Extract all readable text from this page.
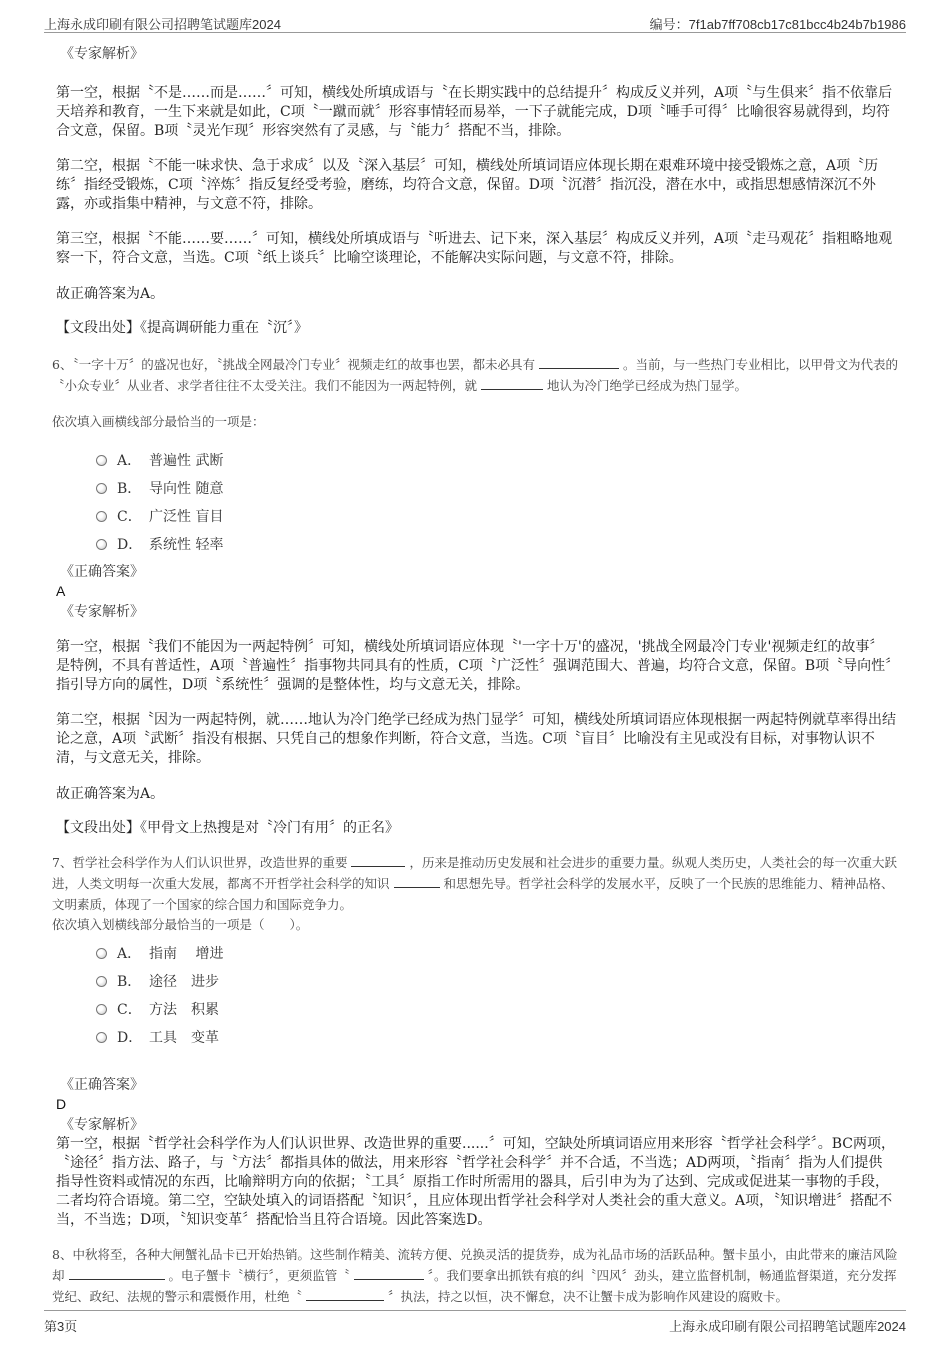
上海永成印刷有限公司招聘笔试题库2024	编号：7f1ab7ff708cb17c81bcc4b24b7b1986
《专家解析》

第一空，根据〝不是……而是……〞可知，横线处所填成语与〝在长期实践中的总结提升〞构成反义并列，A项〝与生俱来〞指不依靠后天培养和教育，一生下来就是如此，C项〝一蹴而就〞形容事情轻而易举，一下子就能完成，D项〝唾手可得〞比喻很容易就得到，均符合文意，保留。B项〝灵光乍现〞形容突然有了灵感，与〝能力〞搭配不当，排除。

第二空，根据〝不能一味求快、急于求成〞以及〝深入基层〞可知，横线处所填词语应体现长期在艰难环境中接受锻炼之意，A项〝历练〞指经受锻炼，C项〝淬炼〞指反复经受考验，磨练，均符合文意，保留。D项〝沉潜〞指沉没，潜在水中，或指思想感情深沉不外露，亦或指集中精神，与文意不符，排除。

第三空，根据〝不能……要……〞可知，横线处所填成语与〝听进去、记下来，深入基层〞构成反义并列，A项〝走马观花〞指粗略地观察一下，符合文意，当选。C项〝纸上谈兵〞比喻空谈理论，不能解决实际问题，与文意不符，排除。

故正确答案为A。

【文段出处】《提高调研能力重在〝沉〞》

6、〝一字十万〞的盛况也好，〝挑战全网最冷门专业〞视频走红的故事也罢，都未必具有	。当前，与一些热门专业相比，以甲骨文为代表的〝小众专业〞从业者、求学者往往不太受关注。我们不能因为一两起特例，就	地认为冷门绝学已经成为热门显学。

依次填入画横线部分最恰当的一项是：

A． 普遍性 武断
B． 导向性 随意
C． 广泛性 盲目
D． 系统性 轻率
《正确答案》
A
《专家解析》

第一空，根据〝我们不能因为一两起特例〞可知，横线处所填词语应体现〝'一字十万'的盛况，'挑战全网最冷门专业'视频走红的故事〞是特例，不具有普适性，A项〝普遍性〞指事物共同具有的性质，C项〝广泛性〞强调范围大、普遍，均符合文意，保留。B项〝导向性〞指引导方向的属性，D项〝系统性〞强调的是整体性，均与文意无关，排除。

第二空，根据〝因为一两起特例，就……地认为冷门绝学已经成为热门显学〞可知，横线处所填词语应体现根据一两起特例就草率得出结论之意，A项〝武断〞指没有根据、只凭自己的想象作判断，符合文意，当选。C项〝盲目〞比喻没有主见或没有目标，对事物认识不清，与文意无关，排除。

故正确答案为A。

【文段出处】《甲骨文上热搜是对〝冷门有用〞的正名》

7、哲学社会科学作为人们认识世界，改造世界的重要	，历来是推动历史发展和社会进步的重要力量。纵观人类历史，人类社会的每一次重大跃进，人类文明每一次重大发展，都离不开哲学社会科学的知识	和思想先导。哲学社会科学的发展水平，反映了一个民族的思维能力、精神品格、文明素质，体现了一个国家的综合国力和国际竞争力。

依次填入划横线部分最恰当的一项是（　　）。

A． 指南　 增进
B． 途径　进步
C． 方法　积累
D． 工具　变革
《正确答案》
D
《专家解析》

第一空，根据〝哲学社会科学作为人们认识世界、改造世界的重要......〞可知，空缺处所填词语应用来形容〝哲学社会科学〞。BC两项，〝途径〞指方法、路子，与〝方法〞都指具体的做法，用来形容〝哲学社会科学〞并不合适，不当选；AD两项，〝指南〞指为人们提供指导性资料或情况的东西，比喻辩明方向的依据；〝工具〞原指工作时所需用的器具，后引申为为了达到、完成或促进某一事物的手段，二者均符合语境。第二空，空缺处填入的词语搭配〝知识〞，且应体现出哲学社会科学对人类社会的重大意义。A项，〝知识增进〞搭配不当，不当选；D项，〝知识变革〞搭配恰当且符合语境。因此答案选D。

8、中秋将至，各种大闸蟹礼品卡已开始热销。这些制作精美、流转方便、兑换灵活的提货券，成为礼品市场的活跃品种。蟹卡虽小，由此带来的廉洁风险却	。电子蟹卡〝横行〞，更须监管〝	〞。我们要拿出抓铁有痕的纠〝四风〞劲头，建立监督机制，畅通监督渠道，充分发挥党纪、政纪、法规的警示和震慑作用，杜绝〝	〞执法，持之以恒，决不懈怠，决不让蟹卡成为影响作风建设的腐败卡。

第3页	上海永成印刷有限公司招聘笔试题库2024
